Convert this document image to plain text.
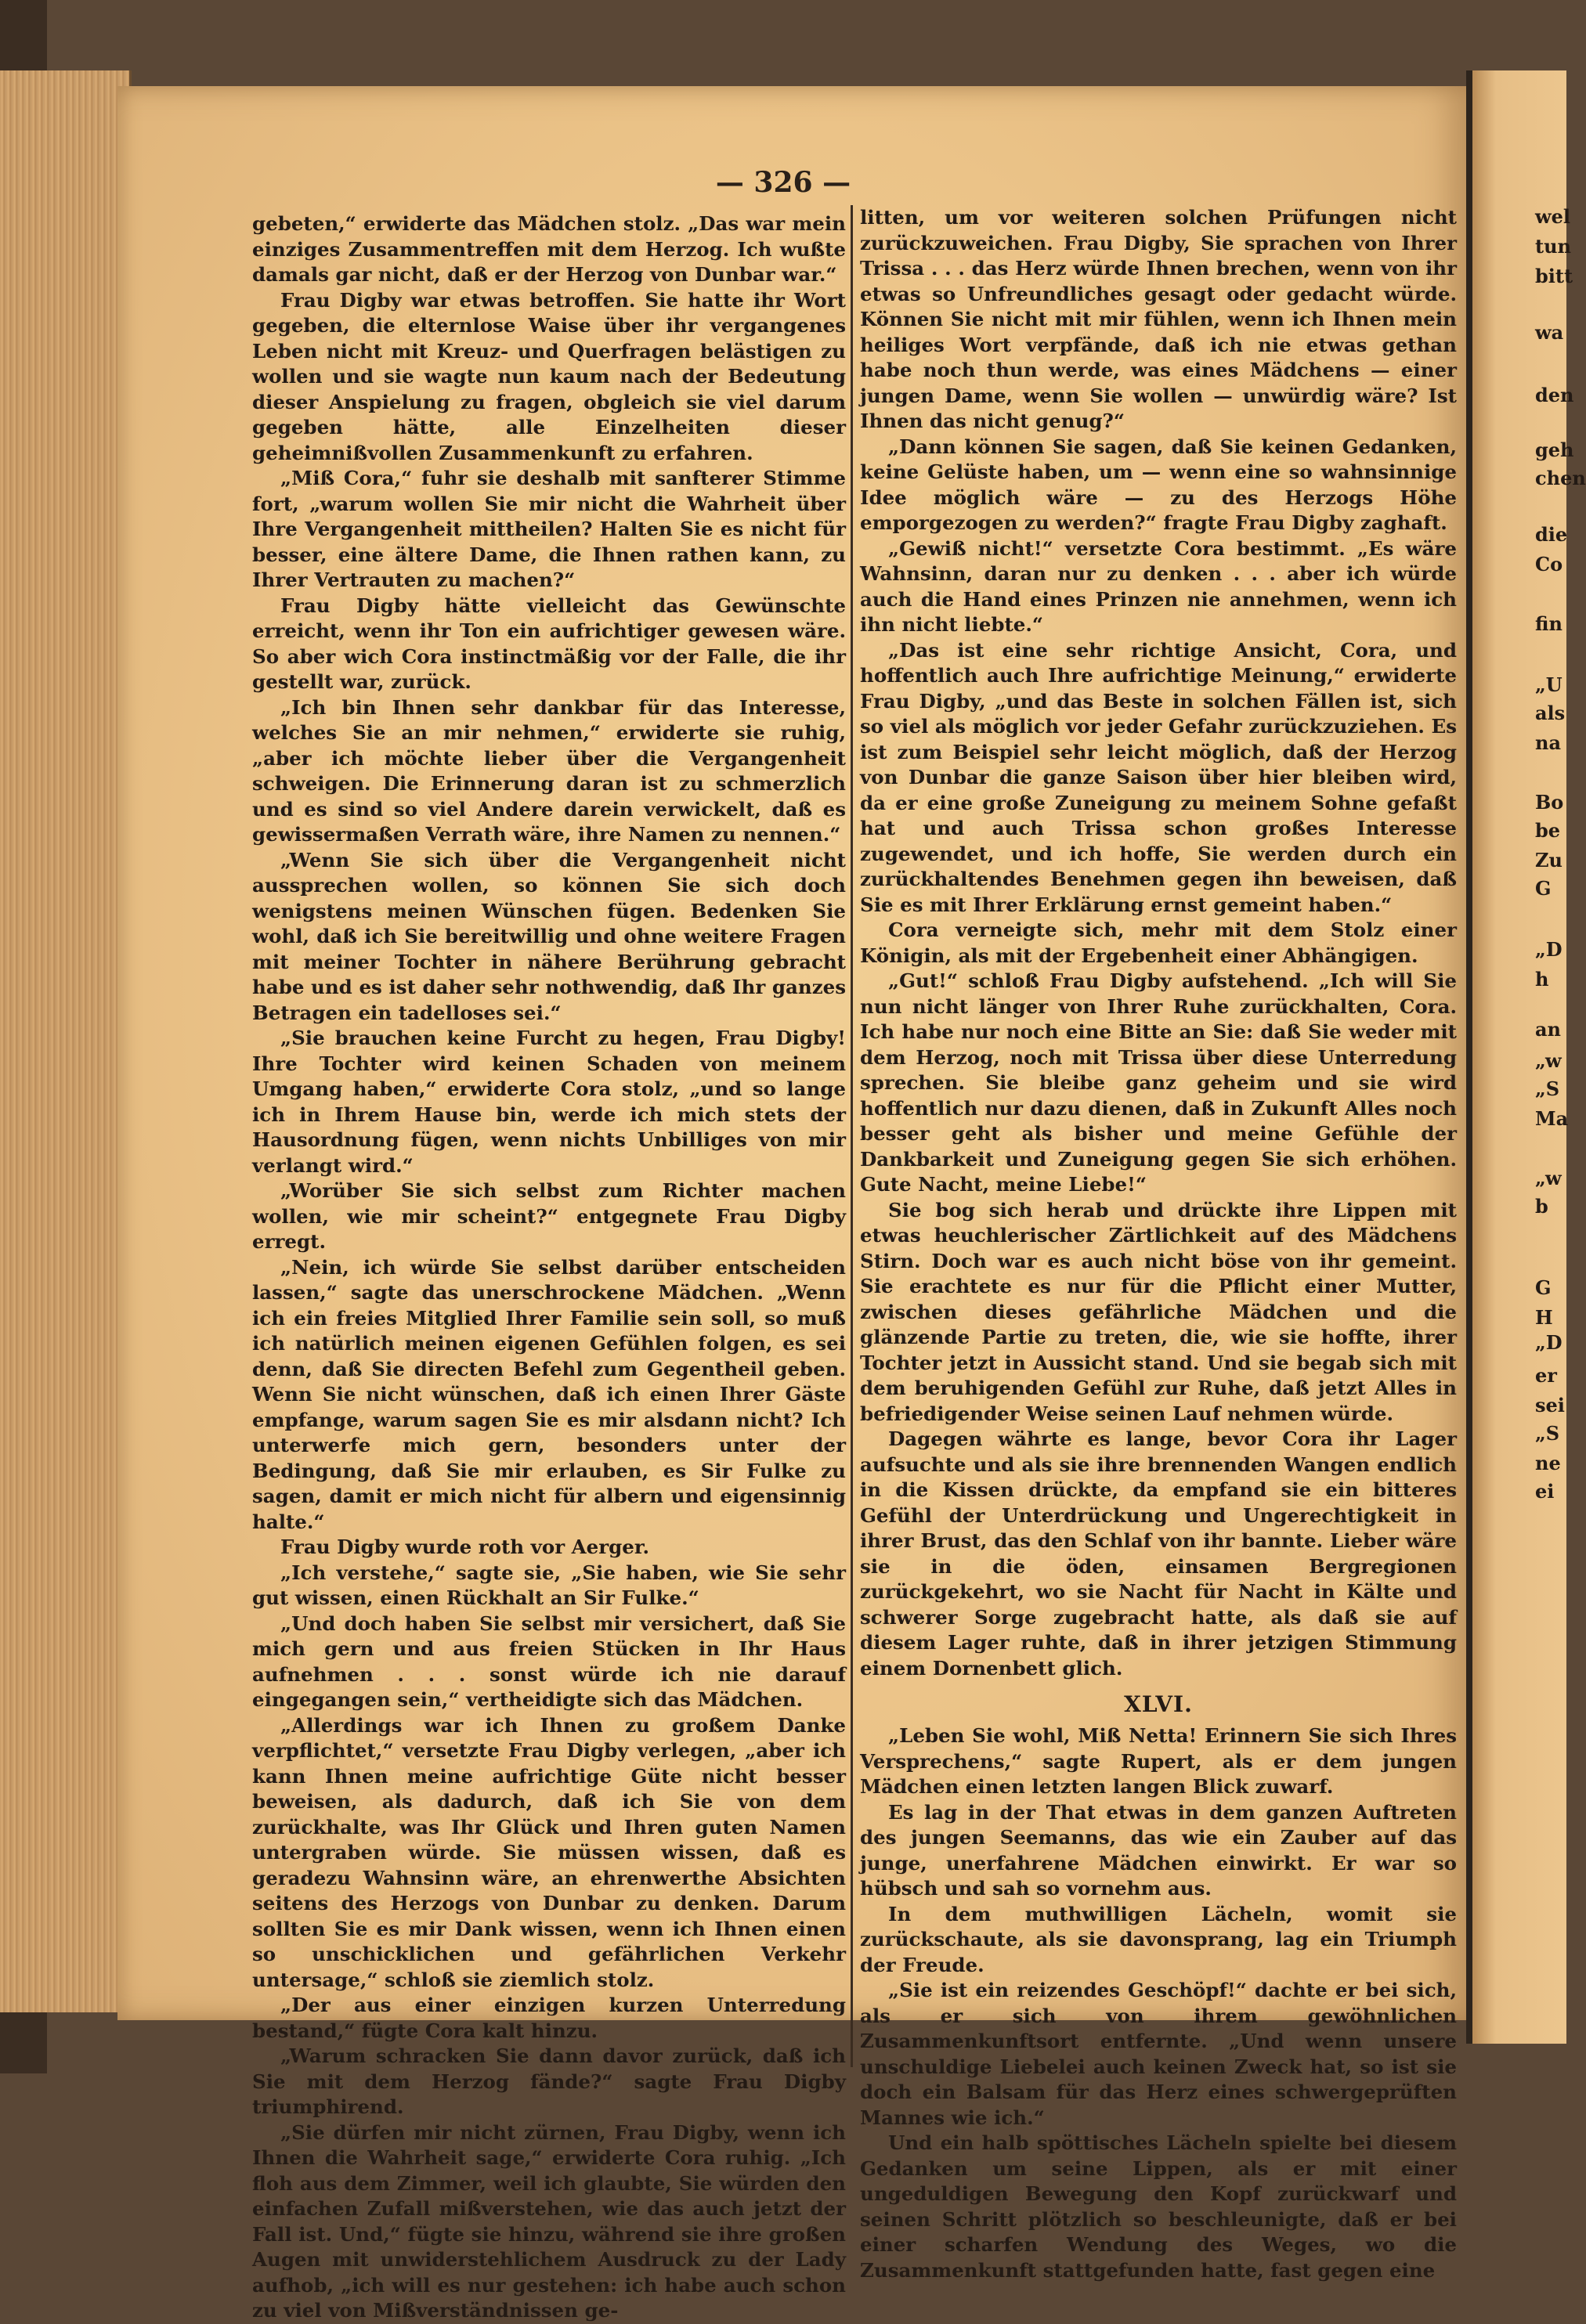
— 326 —

gebeten,“ erwiderte das Mädchen stolz. „Das war mein einziges Zusammentreffen mit dem Herzog. Ich wußte damals gar nicht, daß er der Herzog von Dunbar war.“

Frau Digby war etwas betroffen. Sie hatte ihr Wort gegeben, die elternlose Waise über ihr vergangenes Leben nicht mit Kreuz- und Querfragen belästigen zu wollen und sie wagte nun kaum nach der Bedeutung dieser Anspielung zu fragen, obgleich sie viel darum gegeben hätte, alle Einzelheiten dieser geheimnißvollen Zusammenkunft zu erfahren.

„Miß Cora,“ fuhr sie deshalb mit sanfterer Stimme fort, „warum wollen Sie mir nicht die Wahrheit über Ihre Vergangenheit mittheilen? Halten Sie es nicht für besser, eine ältere Dame, die Ihnen rathen kann, zu Ihrer Vertrauten zu machen?“

Frau Digby hätte vielleicht das Gewünschte erreicht, wenn ihr Ton ein aufrichtiger gewesen wäre. So aber wich Cora instinctmäßig vor der Falle, die ihr gestellt war, zurück.

„Ich bin Ihnen sehr dankbar für das Interesse, welches Sie an mir nehmen,“ erwiderte sie ruhig, „aber ich möchte lieber über die Vergangenheit schweigen. Die Erinnerung daran ist zu schmerzlich und es sind so viel Andere darein verwickelt, daß es gewissermaßen Verrath wäre, ihre Namen zu nennen.“

„Wenn Sie sich über die Vergangenheit nicht aussprechen wollen, so können Sie sich doch wenigstens meinen Wünschen fügen. Bedenken Sie wohl, daß ich Sie bereitwillig und ohne weitere Fragen mit meiner Tochter in nähere Berührung gebracht habe und es ist daher sehr nothwendig, daß Ihr ganzes Betragen ein tadelloses sei.“

„Sie brauchen keine Furcht zu hegen, Frau Digby! Ihre Tochter wird keinen Schaden von meinem Umgang haben,“ erwiderte Cora stolz, „und so lange ich in Ihrem Hause bin, werde ich mich stets der Hausordnung fügen, wenn nichts Unbilliges von mir verlangt wird.“

„Worüber Sie sich selbst zum Richter machen wollen, wie mir scheint?“ entgegnete Frau Digby erregt.

„Nein, ich würde Sie selbst darüber entscheiden lassen,“ sagte das unerschrockene Mädchen. „Wenn ich ein freies Mitglied Ihrer Familie sein soll, so muß ich natürlich meinen eigenen Gefühlen folgen, es sei denn, daß Sie directen Befehl zum Gegentheil geben. Wenn Sie nicht wünschen, daß ich einen Ihrer Gäste empfange, warum sagen Sie es mir alsdann nicht? Ich unterwerfe mich gern, besonders unter der Bedingung, daß Sie mir erlauben, es Sir Fulke zu sagen, damit er mich nicht für albern und eigensinnig halte.“

Frau Digby wurde roth vor Aerger.

„Ich verstehe,“ sagte sie, „Sie haben, wie Sie sehr gut wissen, einen Rückhalt an Sir Fulke.“

„Und doch haben Sie selbst mir versichert, daß Sie mich gern und aus freien Stücken in Ihr Haus aufnehmen . . . sonst würde ich nie darauf eingegangen sein,“ vertheidigte sich das Mädchen.

„Allerdings war ich Ihnen zu großem Danke verpflichtet,“ versetzte Frau Digby verlegen, „aber ich kann Ihnen meine aufrichtige Güte nicht besser beweisen, als dadurch, daß ich Sie von dem zurückhalte, was Ihr Glück und Ihren guten Namen untergraben würde. Sie müssen wissen, daß es geradezu Wahnsinn wäre, an ehrenwerthe Absichten seitens des Herzogs von Dunbar zu denken. Darum sollten Sie es mir Dank wissen, wenn ich Ihnen einen so unschicklichen und gefährlichen Verkehr untersage,“ schloß sie ziemlich stolz.

„Der aus einer einzigen kurzen Unterredung bestand,“ fügte Cora kalt hinzu.

„Warum schracken Sie dann davor zurück, daß ich Sie mit dem Herzog fände?“ sagte Frau Digby triumphirend.

„Sie dürfen mir nicht zürnen, Frau Digby, wenn ich Ihnen die Wahrheit sage,“ erwiderte Cora ruhig. „Ich floh aus dem Zimmer, weil ich glaubte, Sie würden den einfachen Zufall mißverstehen, wie das auch jetzt der Fall ist. Und,“ fügte sie hinzu, während sie ihre großen Augen mit unwiderstehlichem Ausdruck zu der Lady aufhob, „ich will es nur gestehen: ich habe auch schon zu viel von Mißverständnissen ge-

litten, um vor weiteren solchen Prüfungen nicht zurückzuweichen. Frau Digby, Sie sprachen von Ihrer Trissa . . . das Herz würde Ihnen brechen, wenn von ihr etwas so Unfreundliches gesagt oder gedacht würde. Können Sie nicht mit mir fühlen, wenn ich Ihnen mein heiliges Wort verpfände, daß ich nie etwas gethan habe noch thun werde, was eines Mädchens — einer jungen Dame, wenn Sie wollen — unwürdig wäre? Ist Ihnen das nicht genug?“

„Dann können Sie sagen, daß Sie keinen Gedanken, keine Gelüste haben, um — wenn eine so wahnsinnige Idee möglich wäre — zu des Herzogs Höhe emporgezogen zu werden?“ fragte Frau Digby zaghaft.

„Gewiß nicht!“ versetzte Cora bestimmt. „Es wäre Wahnsinn, daran nur zu denken . . . aber ich würde auch die Hand eines Prinzen nie annehmen, wenn ich ihn nicht liebte.“

„Das ist eine sehr richtige Ansicht, Cora, und hoffentlich auch Ihre aufrichtige Meinung,“ erwiderte Frau Digby, „und das Beste in solchen Fällen ist, sich so viel als möglich vor jeder Gefahr zurückzuziehen. Es ist zum Beispiel sehr leicht möglich, daß der Herzog von Dunbar die ganze Saison über hier bleiben wird, da er eine große Zuneigung zu meinem Sohne gefaßt hat und auch Trissa schon großes Interesse zugewendet, und ich hoffe, Sie werden durch ein zurückhaltendes Benehmen gegen ihn beweisen, daß Sie es mit Ihrer Erklärung ernst gemeint haben.“

Cora verneigte sich, mehr mit dem Stolz einer Königin, als mit der Ergebenheit einer Abhängigen.

„Gut!“ schloß Frau Digby aufstehend. „Ich will Sie nun nicht länger von Ihrer Ruhe zurückhalten, Cora. Ich habe nur noch eine Bitte an Sie: daß Sie weder mit dem Herzog, noch mit Trissa über diese Unterredung sprechen. Sie bleibe ganz geheim und sie wird hoffentlich nur dazu dienen, daß in Zukunft Alles noch besser geht als bisher und meine Gefühle der Dankbarkeit und Zuneigung gegen Sie sich erhöhen. Gute Nacht, meine Liebe!“

Sie bog sich herab und drückte ihre Lippen mit etwas heuchlerischer Zärtlichkeit auf des Mädchens Stirn. Doch war es auch nicht böse von ihr gemeint. Sie erachtete es nur für die Pflicht einer Mutter, zwischen dieses gefährliche Mädchen und die glänzende Partie zu treten, die, wie sie hoffte, ihrer Tochter jetzt in Aussicht stand. Und sie begab sich mit dem beruhigenden Gefühl zur Ruhe, daß jetzt Alles in befriedigender Weise seinen Lauf nehmen würde.

Dagegen währte es lange, bevor Cora ihr Lager aufsuchte und als sie ihre brennenden Wangen endlich in die Kissen drückte, da empfand sie ein bitteres Gefühl der Unterdrückung und Ungerechtigkeit in ihrer Brust, das den Schlaf von ihr bannte. Lieber wäre sie in die öden, einsamen Bergregionen zurückgekehrt, wo sie Nacht für Nacht in Kälte und schwerer Sorge zugebracht hatte, als daß sie auf diesem Lager ruhte, daß in ihrer jetzigen Stimmung einem Dornenbett glich.

XLVI.

„Leben Sie wohl, Miß Netta! Erinnern Sie sich Ihres Versprechens,“ sagte Rupert, als er dem jungen Mädchen einen letzten langen Blick zuwarf.

Es lag in der That etwas in dem ganzen Auftreten des jungen Seemanns, das wie ein Zauber auf das junge, unerfahrene Mädchen einwirkt. Er war so hübsch und sah so vornehm aus.

In dem muthwilligen Lächeln, womit sie zurückschaute, als sie davonsprang, lag ein Triumph der Freude.

„Sie ist ein reizendes Geschöpf!“ dachte er bei sich, als er sich von ihrem gewöhnlichen Zusammenkunftsort entfernte. „Und wenn unsere unschuldige Liebelei auch keinen Zweck hat, so ist sie doch ein Balsam für das Herz eines schwergeprüften Mannes wie ich.“

Und ein halb spöttisches Lächeln spielte bei diesem Gedanken um seine Lippen, als er mit einer ungeduldigen Bewegung den Kopf zurückwarf und seinen Schritt plötzlich so beschleunigte, daß er bei einer scharfen Wendung des Weges, wo die Zusammenkunft stattgefunden hatte, fast gegen eine

wel
tun
bitt
wa
den
geh
chen
die
Co
fin
„U
als
na
Bo
be
Zu
G
„D
h
an
„w
„S
Ma
„w
b
G
H
„D
er
sei
„S
ne
ei
